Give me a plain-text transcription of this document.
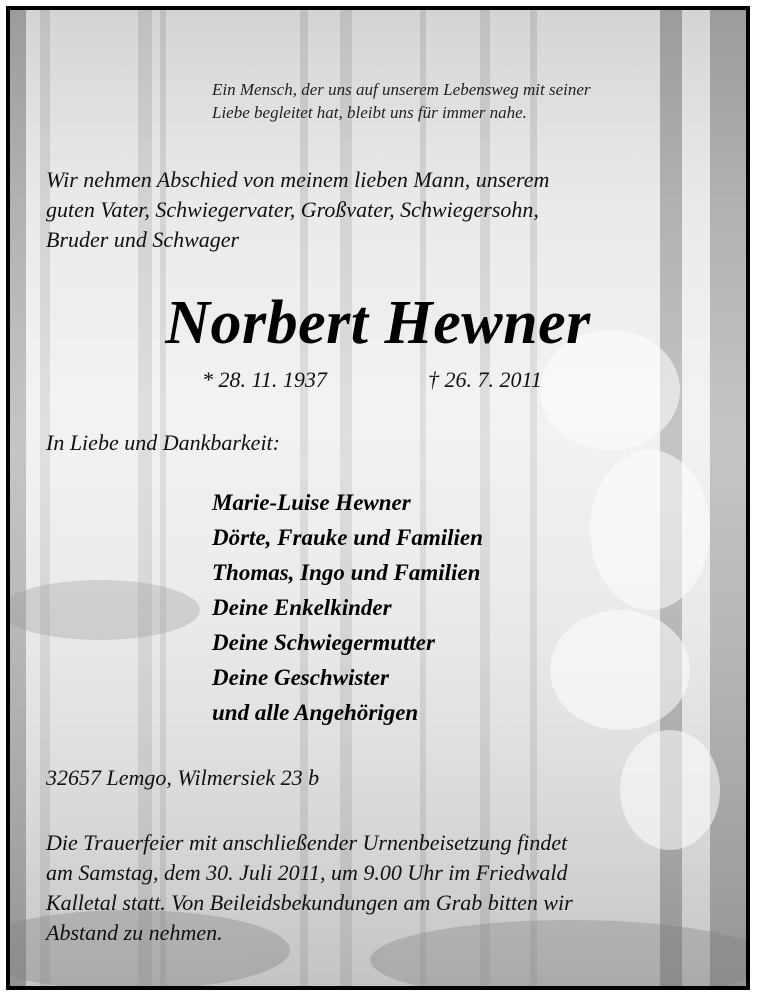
Ein Mensch, der uns auf unserem Lebensweg mit seiner
Liebe begleitet hat, bleibt uns für immer nahe.
Wir nehmen Abschied von meinem lieben Mann, unserem
guten Vater, Schwiegervater, Großvater, Schwiegersohn,
Bruder und Schwager
Norbert Hewner
* 28. 11. 1937	† 26. 7. 2011
In Liebe und Dankbarkeit:
Marie-Luise Hewner
Dörte, Frauke und Familien
Thomas, Ingo und Familien
Deine Enkelkinder
Deine Schwiegermutter
Deine Geschwister
und alle Angehörigen
32657 Lemgo, Wilmersiek 23 b
Die Trauerfeier mit anschließender Urnenbeisetzung findet
am Samstag, dem 30. Juli 2011, um 9.00 Uhr im Friedwald
Kalletal statt. Von Beileidsbekundungen am Grab bitten wir
Abstand zu nehmen.
